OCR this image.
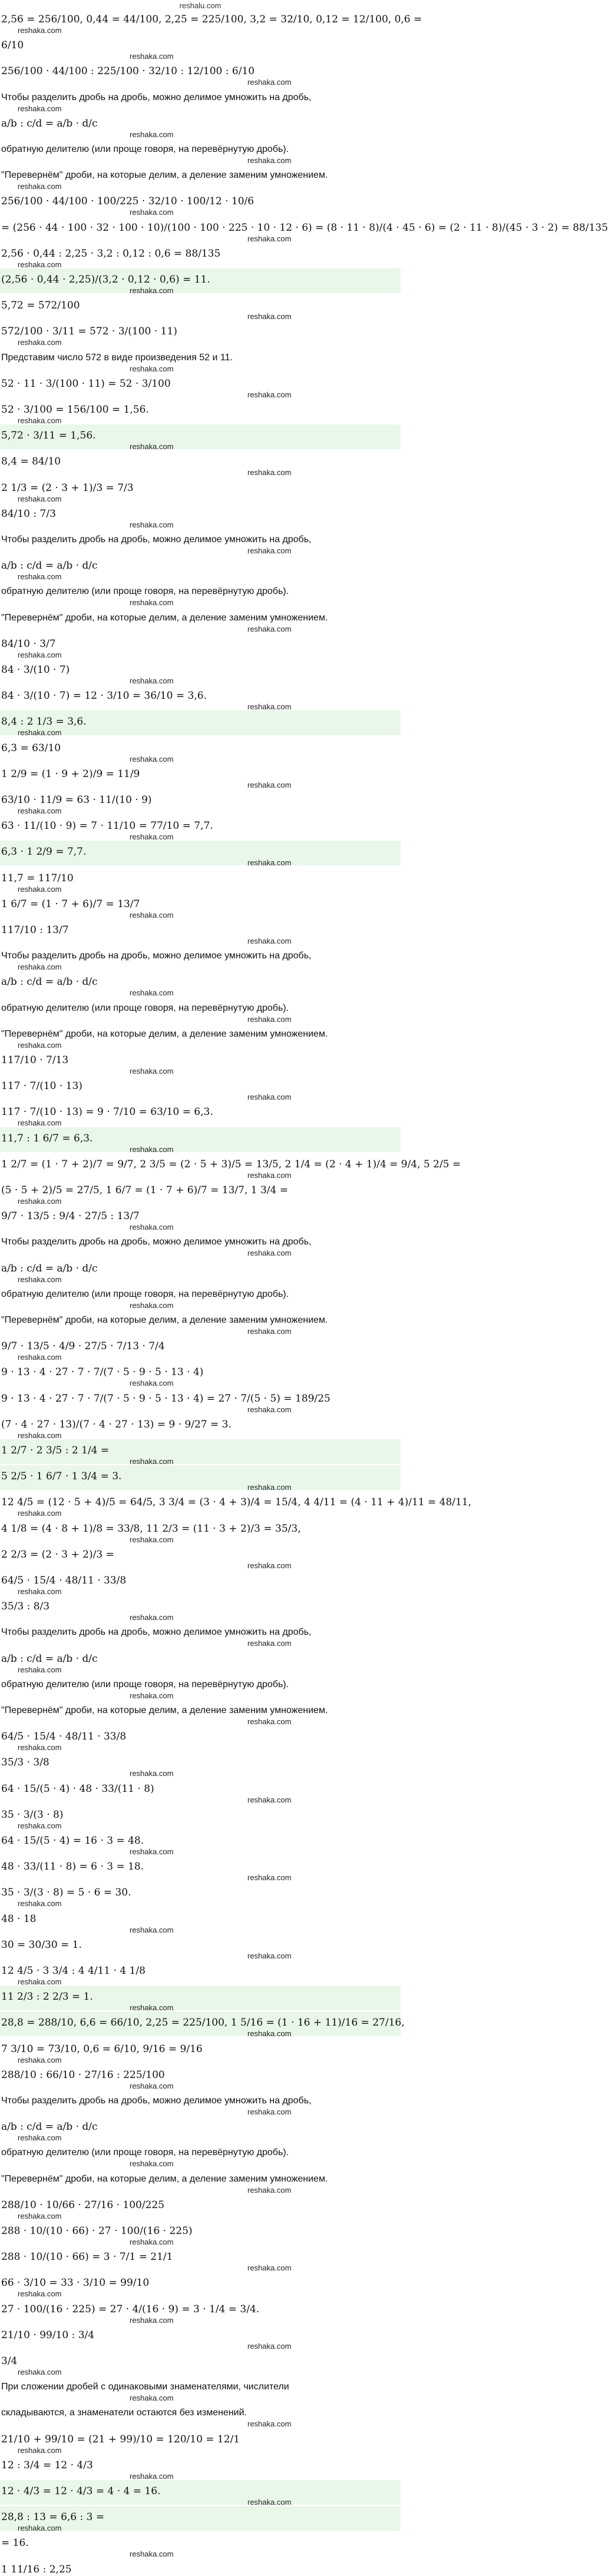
reshalu.com
2,56 = 256/100, 0,44 = 44/100, 2,25 = 225/100, 3,2 = 32/10, 0,12 = 12/100, 0,6 =
6/10
256/100 · 44/100 : 225/100 · 32/10 : 12/100 : 6/10
Чтобы разделить дробь на дробь, можно делимое умножить на дробь,
a/b : c/d = a/b · d/c
обратную делителю (или проще говоря, на перевёрнутую дробь).
"Перевернём" дроби, на которые делим, а деление заменим умножением.
256/100 · 44/100 · 100/225 · 32/10 · 100/12 · 10/6
= (256 · 44 · 100 · 32 · 100 · 10)/(100 · 100 · 225 · 10 · 12 · 6) = (8 · 11 · 8)/(4 · 45 · 6) = (2 · 11 · 8)/(45 · 3 · 2) = 88/135
2,56 · 0,44 : 2,25 · 3,2 : 0,12 : 0,6 = 88/135
(2,56 · 0,44 · 2,25)/(3,2 · 0,12 · 0,6) = 11.
5,72 = 572/100
572/100 · 3/11 = 572 · 3/(100 · 11)
Представим число 572 в виде произведения 52 и 11.
52 · 11 · 3/(100 · 11) = 52 · 3/100
52 · 3/100 = 156/100 = 1,56.
5,72 · 3/11 = 1,56.
8,4 = 84/10
2 1/3 = (2 · 3 + 1)/3 = 7/3
84/10 : 7/3
Чтобы разделить дробь на дробь, можно делимое умножить на дробь,
a/b : c/d = a/b · d/c
обратную делителю (или проще говоря, на перевёрнутую дробь).
"Перевернём" дроби, на которые делим, а деление заменим умножением.
84/10 · 3/7
84 · 3/(10 · 7)
84 · 3/(10 · 7) = 12 · 3/10 = 36/10 = 3,6.
8,4 : 2 1/3 = 3,6.
6,3 = 63/10
1 2/9 = (1 · 9 + 2)/9 = 11/9
63/10 · 11/9 = 63 · 11/(10 · 9)
63 · 11/(10 · 9) = 7 · 11/10 = 77/10 = 7,7.
6,3 · 1 2/9 = 7,7.
11,7 = 117/10
1 6/7 = (1 · 7 + 6)/7 = 13/7
117/10 : 13/7
Чтобы разделить дробь на дробь, можно делимое умножить на дробь,
a/b : c/d = a/b · d/c
обратную делителю (или проще говоря, на перевёрнутую дробь).
"Перевернём" дроби, на которые делим, а деление заменим умножением.
117/10 · 7/13
117 · 7/(10 · 13)
117 · 7/(10 · 13) = 9 · 7/10 = 63/10 = 6,3.
11,7 : 1 6/7 = 6,3.
1 2/7 = (1 · 7 + 2)/7 = 9/7, 2 3/5 = (2 · 5 + 3)/5 = 13/5, 2 1/4 = (2 · 4 + 1)/4 = 9/4, 5 2/5 =
(5 · 5 + 2)/5 = 27/5, 1 6/7 = (1 · 7 + 6)/7 = 13/7, 1 3/4 =
9/7 · 13/5 : 9/4 · 27/5 : 13/7
Чтобы разделить дробь на дробь, можно делимое умножить на дробь,
a/b : c/d = a/b · d/c
обратную делителю (или проще говоря, на перевёрнутую дробь).
"Перевернём" дроби, на которые делим, а деление заменим умножением.
9/7 · 13/5 · 4/9 · 27/5 · 7/13 · 7/4
9 · 13 · 4 · 27 · 7 · 7/(7 · 5 · 9 · 5 · 13 · 4)
9 · 13 · 4 · 27 · 7 · 7/(7 · 5 · 9 · 5 · 13 · 4) = 27 · 7/(5 · 5) = 189/25
(7 · 4 · 27 · 13)/(7 · 4 · 27 · 13) = 9 · 9/27 = 3.
1 2/7 · 2 3/5 : 2 1/4 =
5 2/5 · 1 6/7 · 1 3/4 = 3.
12 4/5 = (12 · 5 + 4)/5 = 64/5, 3 3/4 = (3 · 4 + 3)/4 = 15/4, 4 4/11 = (4 · 11 + 4)/11 = 48/11,
4 1/8 = (4 · 8 + 1)/8 = 33/8, 11 2/3 = (11 · 3 + 2)/3 = 35/3,
2 2/3 = (2 · 3 + 2)/3 =
64/5 · 15/4 · 48/11 · 33/8
35/3 : 8/3
Чтобы разделить дробь на дробь, можно делимое умножить на дробь,
a/b : c/d = a/b · d/c
обратную делителю (или проще говоря, на перевёрнутую дробь).
"Перевернём" дроби, на которые делим, а деление заменим умножением.
64/5 · 15/4 · 48/11 · 33/8
35/3 · 3/8
64 · 15/(5 · 4) · 48 · 33/(11 · 8)
35 · 3/(3 · 8)
64 · 15/(5 · 4) = 16 · 3 = 48.
48 · 33/(11 · 8) = 6 · 3 = 18.
35 · 3/(3 · 8) = 5 · 6 = 30.
48 · 18
30 = 30/30 = 1.
12 4/5 · 3 3/4 : 4 4/11 · 4 1/8
11 2/3 : 2 2/3 = 1.
28,8 = 288/10, 6,6 = 66/10, 2,25 = 225/100, 1 5/16 = (1 · 16 + 11)/16 = 27/16,
7 3/10 = 73/10, 0,6 = 6/10, 9/16 = 9/16
288/10 : 66/10 · 27/16 : 225/100
Чтобы разделить дробь на дробь, можно делимое умножить на дробь,
a/b : c/d = a/b · d/c
обратную делителю (или проще говоря, на перевёрнутую дробь).
"Перевернём" дроби, на которые делим, а деление заменим умножением.
288/10 · 10/66 · 27/16 · 100/225
288 · 10/(10 · 66) · 27 · 100/(16 · 225)
288 · 10/(10 · 66) = 3 · 7/1 = 21/1
66 · 3/10 = 33 · 3/10 = 99/10
27 · 100/(16 · 225) = 27 · 4/(16 · 9) = 3 · 1/4 = 3/4.
21/10 · 99/10 : 3/4
3/4
При сложении дробей с одинаковыми знаменателями, числители
складываются, а знаменатели остаются без изменений.
21/10 + 99/10 = (21 + 99)/10 = 120/10 = 12/1
12 : 3/4 = 12 · 4/3
12 · 4/3 = 12 · 4/3 = 4 · 4 = 16.
28,8 : 13 = 6,6 : 3 =
= 16.
1 11/16 : 2,25
reshaka.com
reshaka.com
reshaka.com
reshaka.com
reshaka.com
reshaka.com
reshaka.com
reshaka.com
reshaka.com
reshaka.com
reshaka.com
reshaka.com
reshaka.com
reshaka.com
reshaka.com
reshaka.com
reshaka.com
reshaka.com
reshaka.com
reshaka.com
reshaka.com
reshaka.com
reshaka.com
reshaka.com
reshaka.com
reshaka.com
reshaka.com
reshaka.com
reshaka.com
reshaka.com
reshaka.com
reshaka.com
reshaka.com
reshaka.com
reshaka.com
reshaka.com
reshaka.com
reshaka.com
reshaka.com
reshaka.com
reshaka.com
reshaka.com
reshaka.com
reshaka.com
reshaka.com
reshaka.com
reshaka.com
reshaka.com
reshaka.com
reshaka.com
reshaka.com
reshaka.com
reshaka.com
reshaka.com
reshaka.com
reshaka.com
reshaka.com
reshaka.com
reshaka.com
reshaka.com
reshaka.com
reshaka.com
reshaka.com
reshaka.com
reshaka.com
reshaka.com
reshaka.com
reshaka.com
reshaka.com
reshaka.com
reshaka.com
reshaka.com
reshaka.com
reshaka.com
reshaka.com
reshaka.com
reshaka.com
reshaka.com
reshaka.com
reshaka.com
reshaka.com
reshaka.com
reshaka.com
reshaka.com
reshaka.com
reshaka.com
reshaka.com
reshaka.com
reshaka.com
reshaka.com
reshaka.com
reshaka.com
reshaka.com
reshaka.com
reshaka.com
reshaka.com
reshaka.com
reshaka.com
